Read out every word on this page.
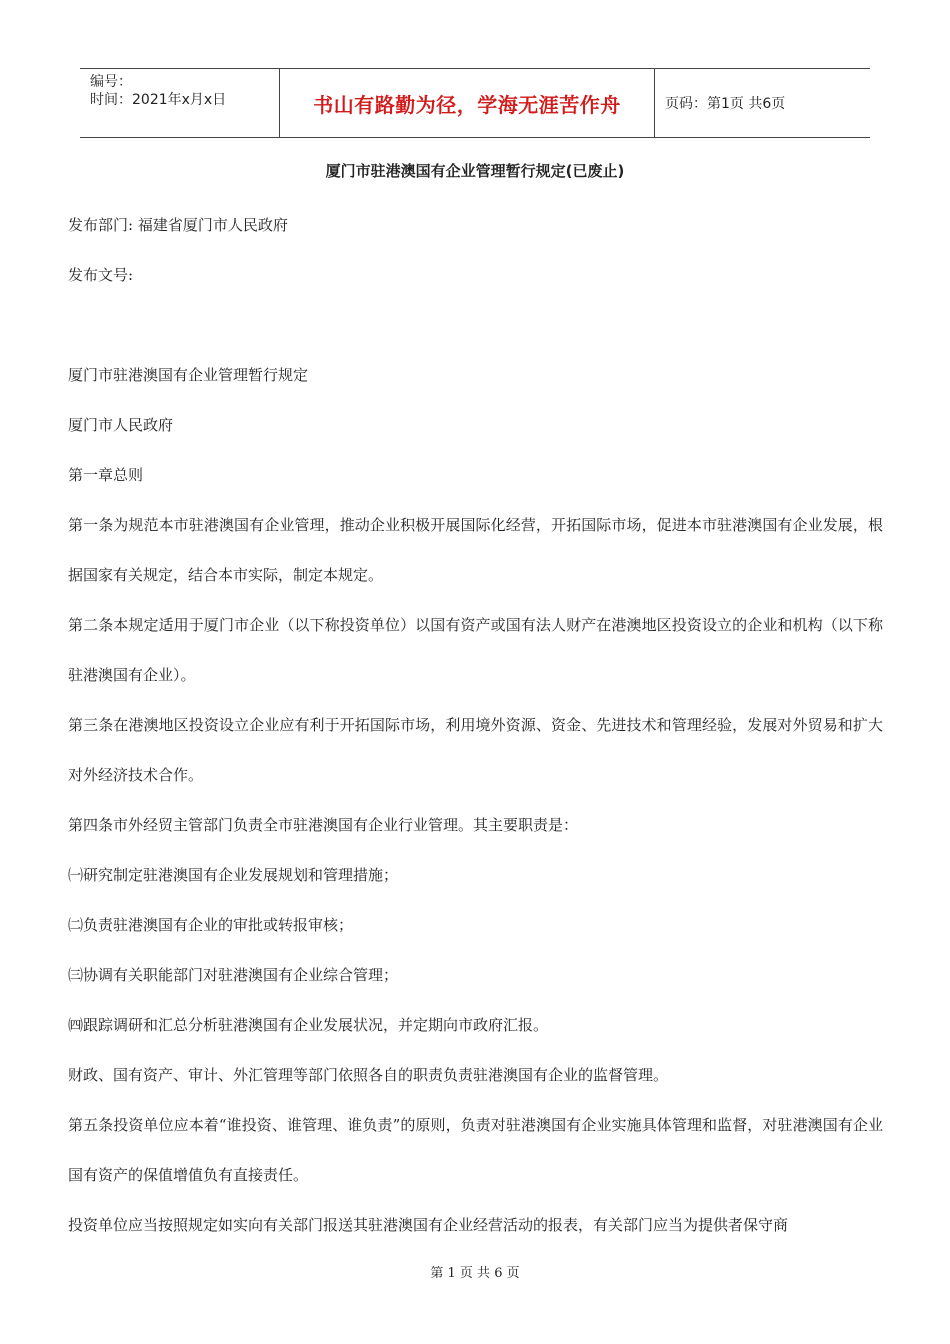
编号：
时间：2021年x月x日	书山有路勤为径，学海无涯苦作舟	页码：第1页 共6页
厦门市驻港澳国有企业管理暂行规定(已废止)

发布部门: 福建省厦门市人民政府

发布文号:

厦门市驻港澳国有企业管理暂行规定

厦门市人民政府

第一章总则

第一条为规范本市驻港澳国有企业管理，推动企业积极开展国际化经营，开拓国际市场，促进本市驻港澳国有企业发展，根据国家有关规定，结合本市实际，制定本规定。

第二条本规定适用于厦门市企业（以下称投资单位）以国有资产或国有法人财产在港澳地区投资设立的企业和机构（以下称驻港澳国有企业）。

第三条在港澳地区投资设立企业应有利于开拓国际市场，利用境外资源、资金、先进技术和管理经验，发展对外贸易和扩大对外经济技术合作。

第四条市外经贸主管部门负责全市驻港澳国有企业行业管理。其主要职责是：

㈠研究制定驻港澳国有企业发展规划和管理措施；

㈡负责驻港澳国有企业的审批或转报审核；

㈢协调有关职能部门对驻港澳国有企业综合管理；

㈣跟踪调研和汇总分析驻港澳国有企业发展状况，并定期向市政府汇报。

财政、国有资产、审计、外汇管理等部门依照各自的职责负责驻港澳国有企业的监督管理。

第五条投资单位应本着“谁投资、谁管理、谁负责”的原则，负责对驻港澳国有企业实施具体管理和监督，对驻港澳国有企业国有资产的保值增值负有直接责任。

投资单位应当按照规定如实向有关部门报送其驻港澳国有企业经营活动的报表，有关部门应当为提供者保守商

第 1 页 共 6 页
